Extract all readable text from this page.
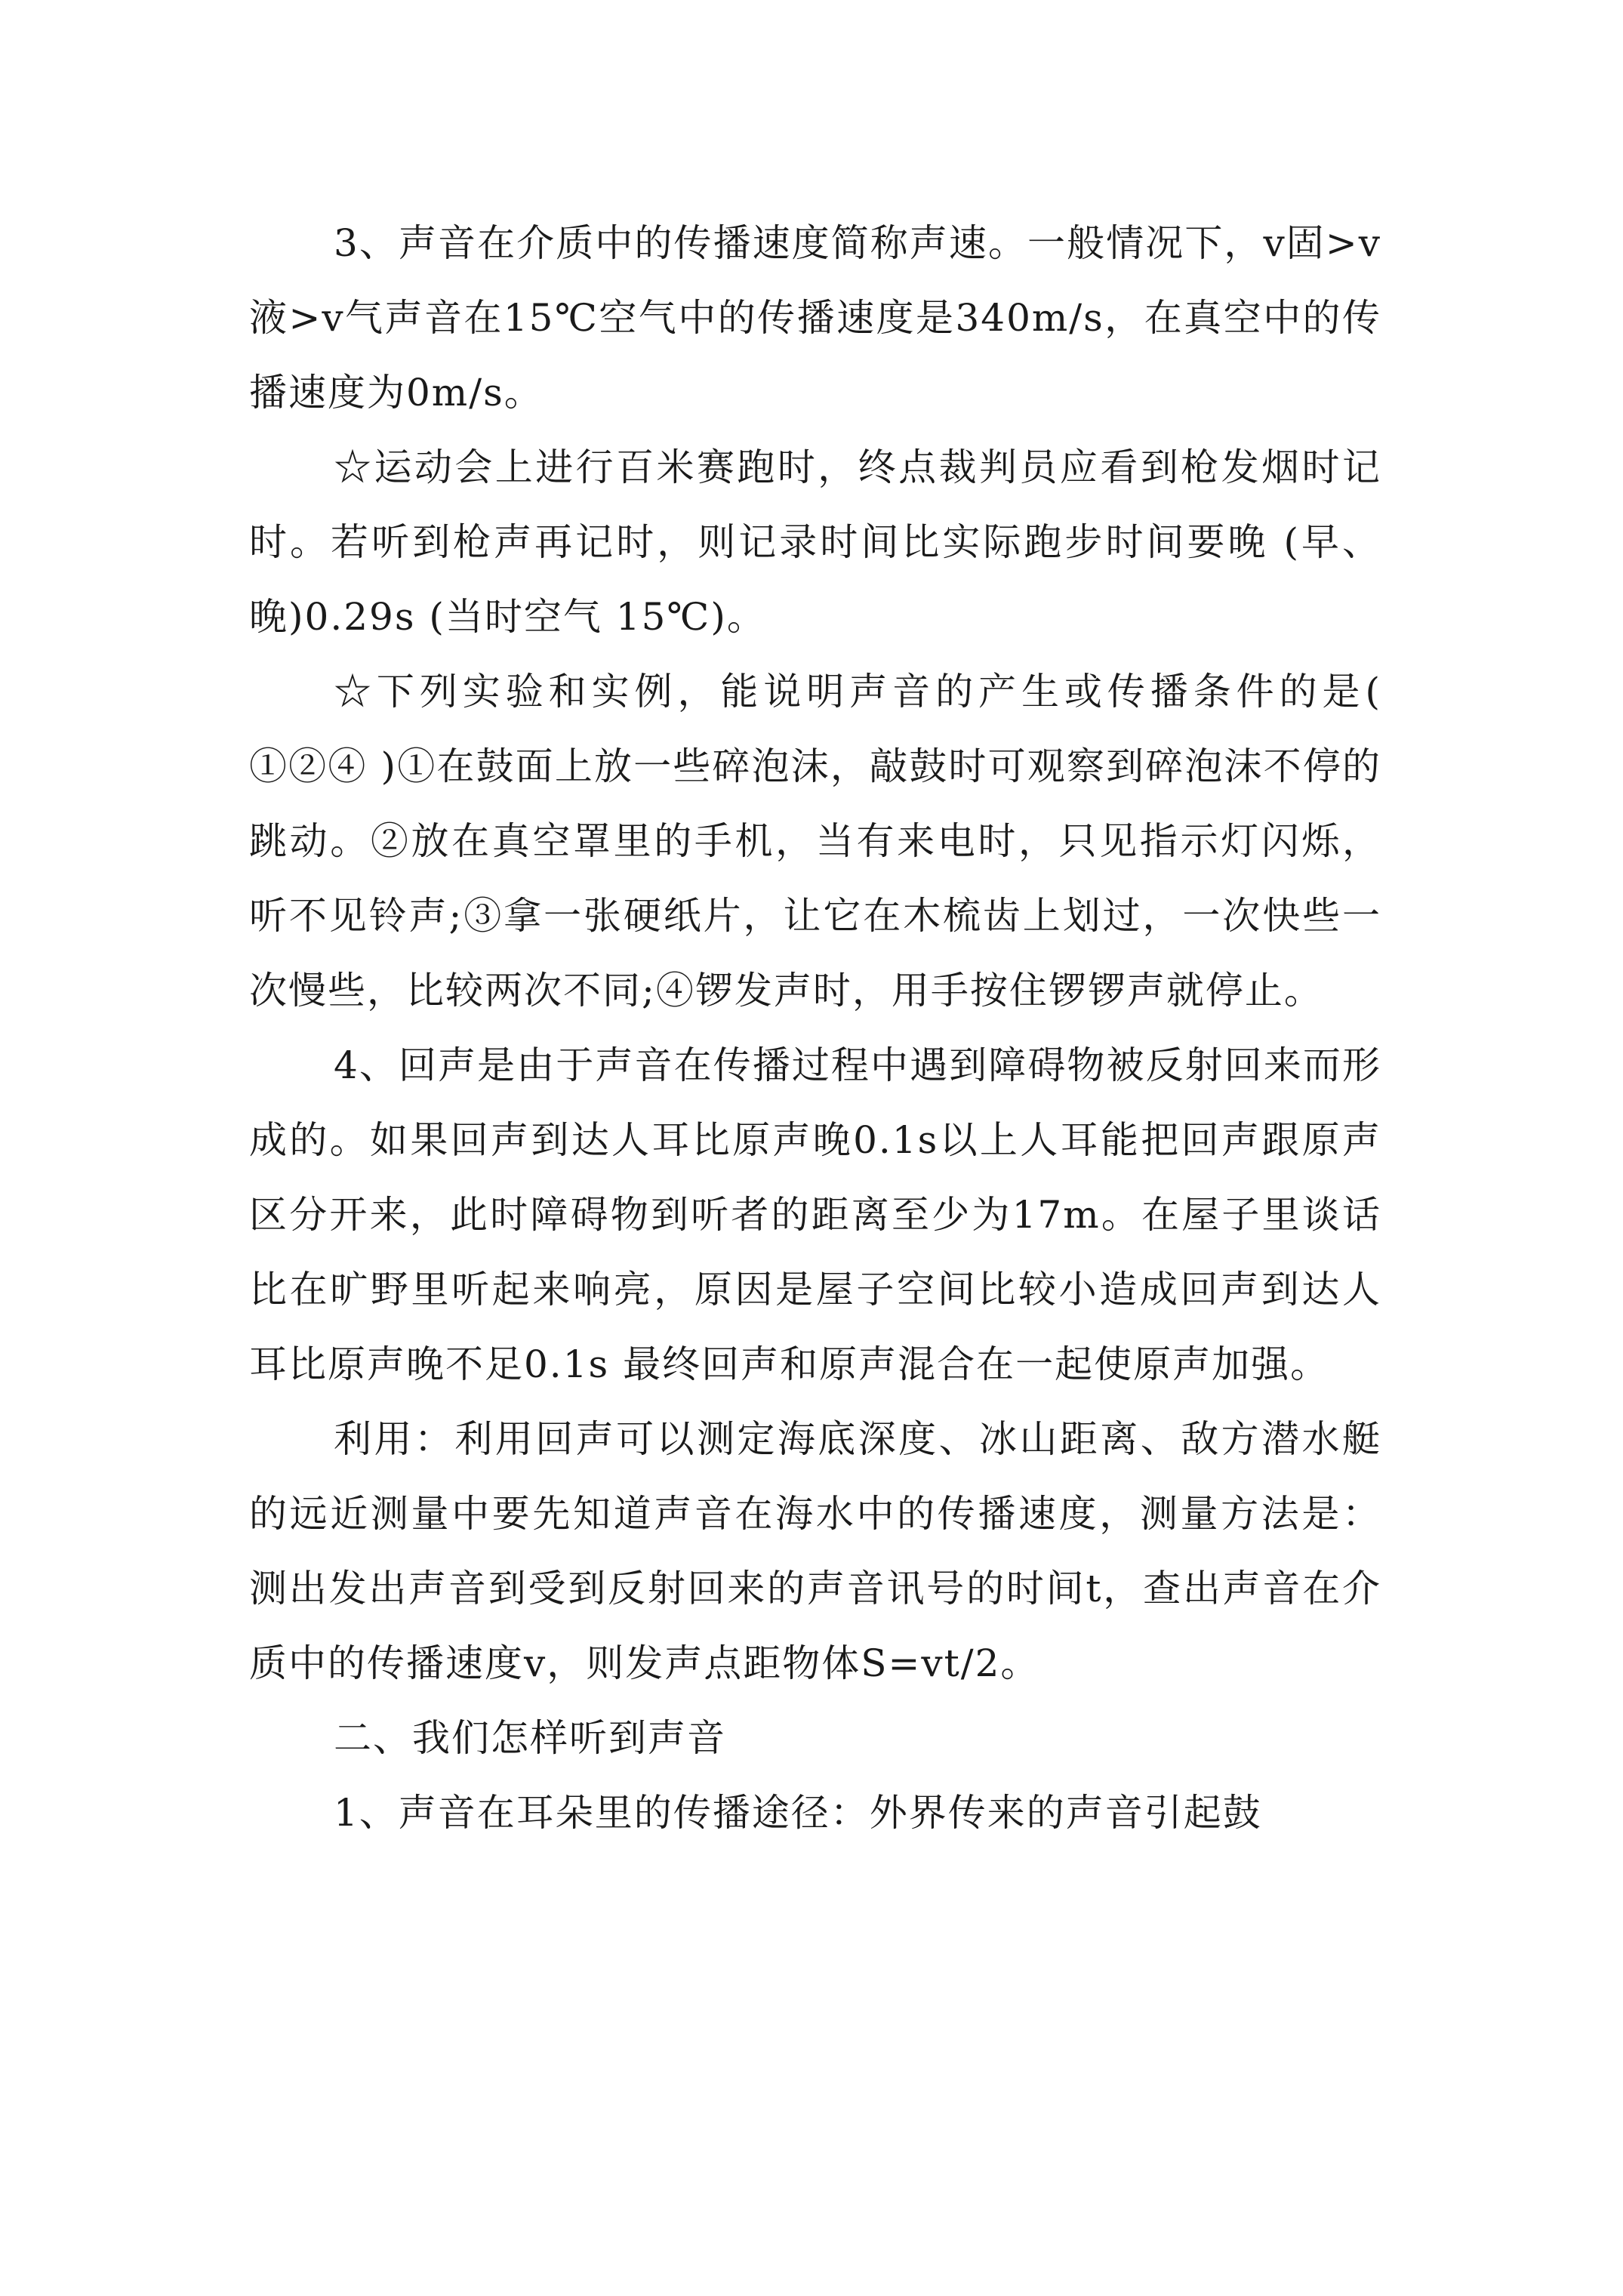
3、声音在介质中的传播速度简称声速。一般情况下，v固>v液>v气声音在15℃空气中的传播速度是340m/s，在真空中的传播速度为0m/s。

☆运动会上进行百米赛跑时，终点裁判员应看到枪发烟时记时。若听到枪声再记时，则记录时间比实际跑步时间要晚 (早、晚)0.29s (当时空气 15℃)。

☆下列实验和实例，能说明声音的产生或传播条件的是( ①②④ )①在鼓面上放一些碎泡沫，敲鼓时可观察到碎泡沫不停的跳动。②放在真空罩里的手机，当有来电时，只见指示灯闪烁，听不见铃声;③拿一张硬纸片，让它在木梳齿上划过，一次快些一次慢些，比较两次不同;④锣发声时，用手按住锣锣声就停止。

4、回声是由于声音在传播过程中遇到障碍物被反射回来而形成的。如果回声到达人耳比原声晚0.1s以上人耳能把回声跟原声区分开来，此时障碍物到听者的距离至少为17m。在屋子里谈话比在旷野里听起来响亮，原因是屋子空间比较小造成回声到达人耳比原声晚不足0.1s 最终回声和原声混合在一起使原声加强。

利用：利用回声可以测定海底深度、冰山距离、敌方潜水艇的远近测量中要先知道声音在海水中的传播速度，测量方法是：测出发出声音到受到反射回来的声音讯号的时间t，查出声音在介质中的传播速度v，则发声点距物体S=vt/2。

二、我们怎样听到声音

1、声音在耳朵里的传播途径：外界传来的声音引起鼓
